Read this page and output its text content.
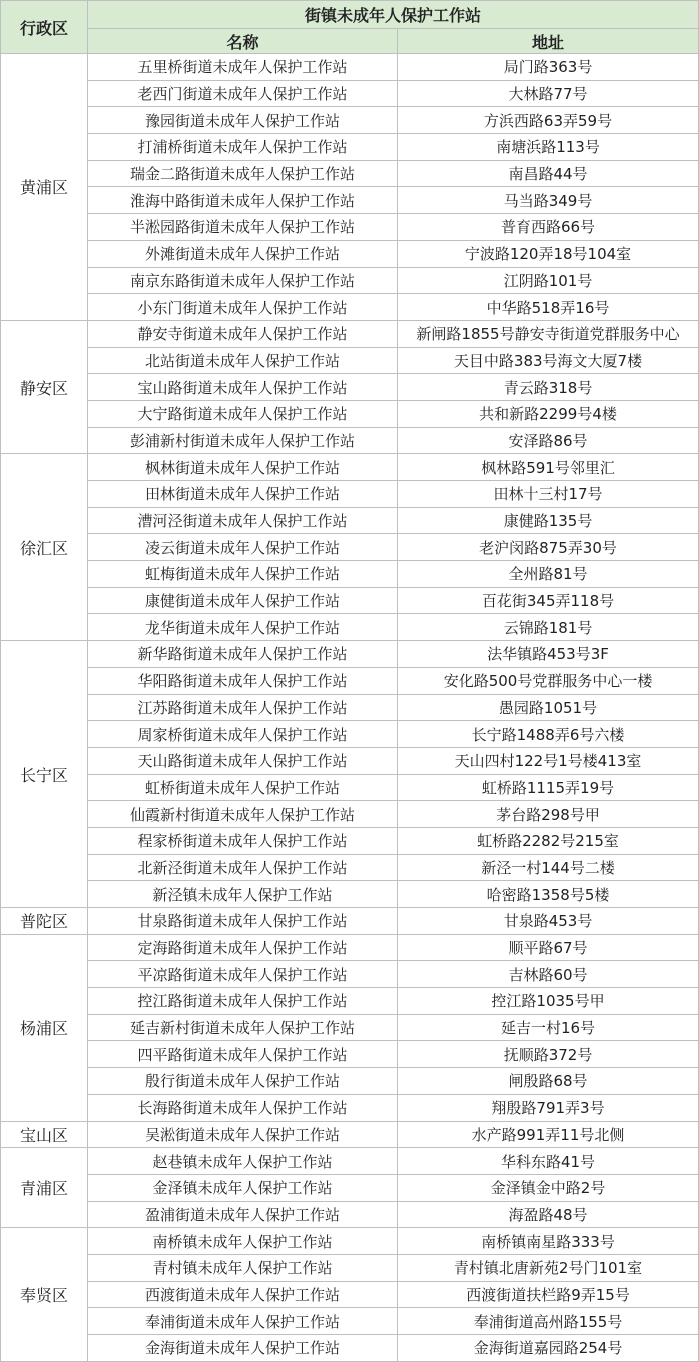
行政区	街镇未成年人保护工作站	
	名称	地址
黄浦区	五里桥街道未成年人保护工作站	局门路363号
	老西门街道未成年人保护工作站	大林路77号
	豫园街道未成年人保护工作站	方浜西路63弄59号
	打浦桥街道未成年人保护工作站	南塘浜路113号
	瑞金二路街道未成年人保护工作站	南昌路44号
	淮海中路街道未成年人保护工作站	马当路349号
	半淞园路街道未成年人保护工作站	普育西路66号
	外滩街道未成年人保护工作站	宁波路120弄18号104室
	南京东路街道未成年人保护工作站	江阴路101号
	小东门街道未成年人保护工作站	中华路518弄16号
静安区	静安寺街道未成年人保护工作站	新闸路1855号静安寺街道党群服务中心
	北站街道未成年人保护工作站	天目中路383号海文大厦7楼
	宝山路街道未成年人保护工作站	青云路318号
	大宁路街道未成年人保护工作站	共和新路2299号4楼
	彭浦新村街道未成年人保护工作站	安泽路86号
徐汇区	枫林街道未成年人保护工作站	枫林路591号邻里汇
	田林街道未成年人保护工作站	田林十三村17号
	漕河泾街道未成年人保护工作站	康健路135号
	凌云街道未成年人保护工作站	老沪闵路875弄30号
	虹梅街道未成年人保护工作站	全州路81号
	康健街道未成年人保护工作站	百花街345弄118号
	龙华街道未成年人保护工作站	云锦路181号
长宁区	新华路街道未成年人保护工作站	法华镇路453号3F
	华阳路街道未成年人保护工作站	安化路500号党群服务中心一楼
	江苏路街道未成年人保护工作站	愚园路1051号
	周家桥街道未成年人保护工作站	长宁路1488弄6号六楼
	天山路街道未成年人保护工作站	天山四村122号1号楼413室
	虹桥街道未成年人保护工作站	虹桥路1115弄19号
	仙霞新村街道未成年人保护工作站	茅台路298号甲
	程家桥街道未成年人保护工作站	虹桥路2282号215室
	北新泾街道未成年人保护工作站	新泾一村144号二楼
	新泾镇未成年人保护工作站	哈密路1358号5楼
普陀区	甘泉路街道未成年人保护工作站	甘泉路453号
杨浦区	定海路街道未成年人保护工作站	顺平路67号
	平凉路街道未成年人保护工作站	吉林路60号
	控江路街道未成年人保护工作站	控江路1035号甲
	延吉新村街道未成年人保护工作站	延吉一村16号
	四平路街道未成年人保护工作站	抚顺路372号
	殷行街道未成年人保护工作站	闸殷路68号
	长海路街道未成年人保护工作站	翔殷路791弄3号
宝山区	吴淞街道未成年人保护工作站	水产路991弄11号北侧
青浦区	赵巷镇未成年人保护工作站	华科东路41号
	金泽镇未成年人保护工作站	金泽镇金中路2号
	盈浦街道未成年人保护工作站	海盈路48号
奉贤区	南桥镇未成年人保护工作站	南桥镇南星路333号
	青村镇未成年人保护工作站	青村镇北唐新苑2号门101室
	西渡街道未成年人保护工作站	西渡街道扶栏路9弄15号
	奉浦街道未成年人保护工作站	奉浦街道高州路155号
	金海街道未成年人保护工作站	金海街道嘉园路254号
